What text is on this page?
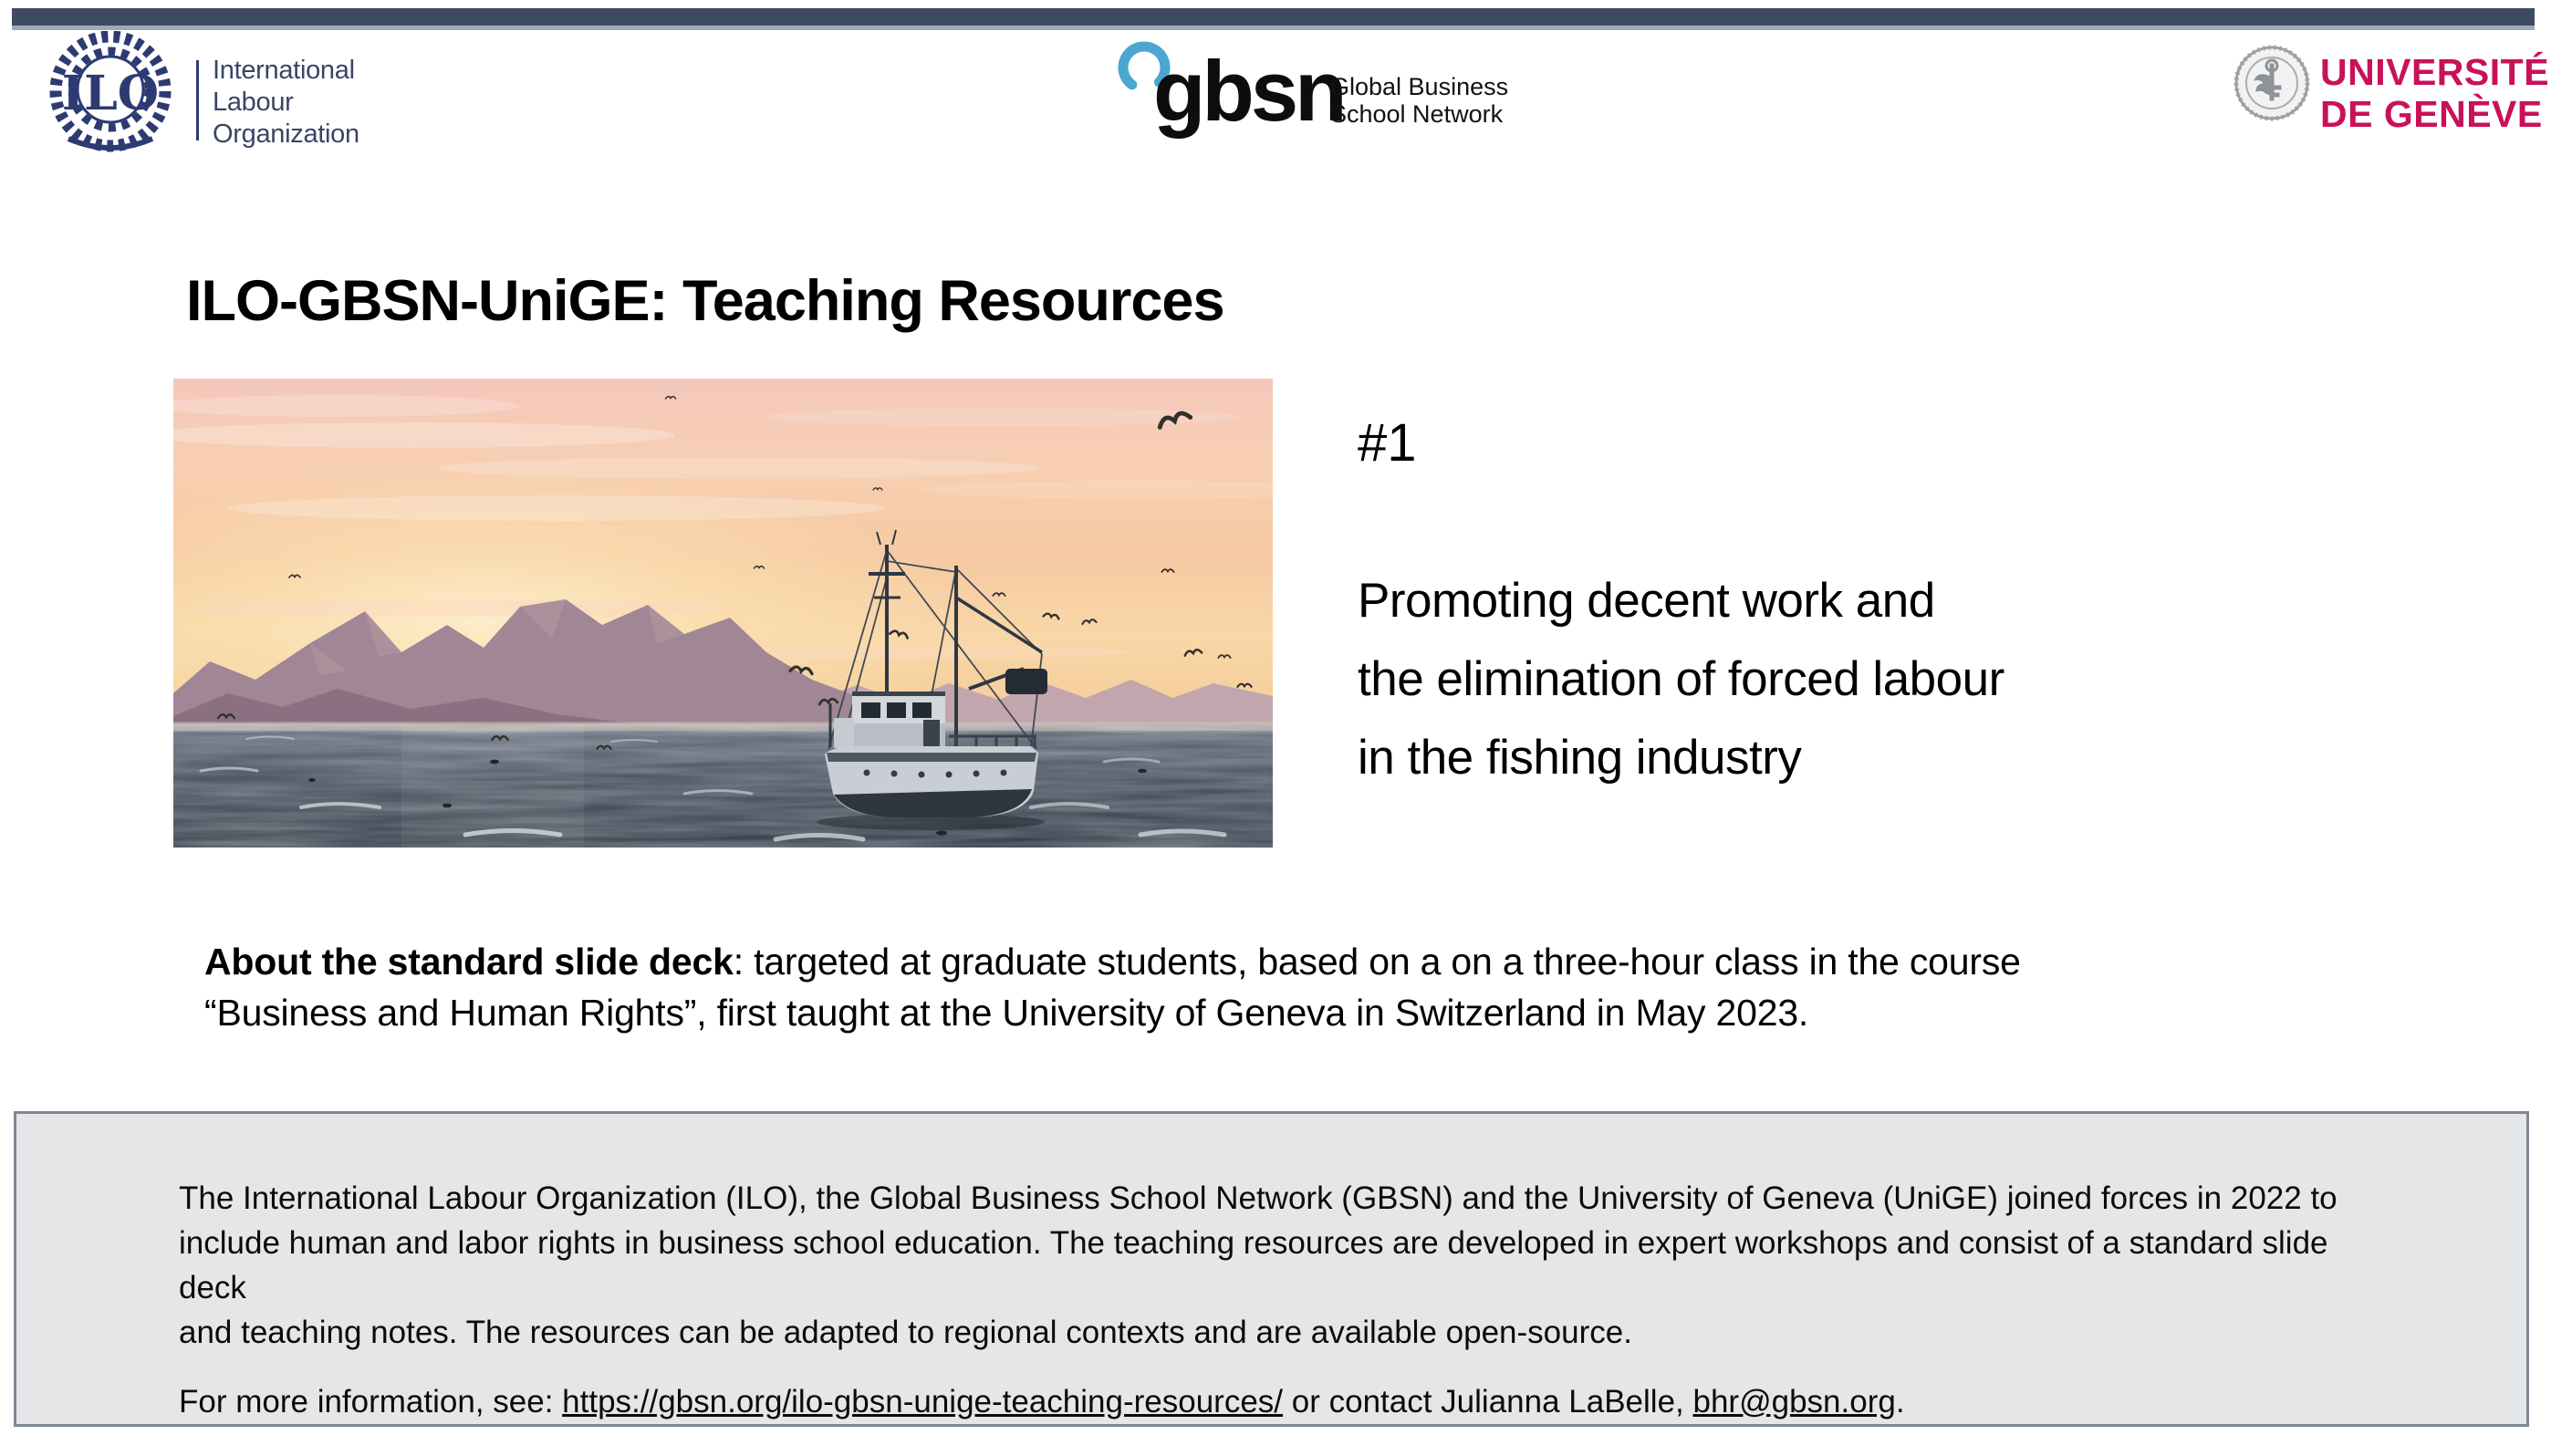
ILO International
Labour
Organization	gbsn
Global Business
School Network
UNIVERSITÉ
DE GENÈVE
ILO-GBSN-UniGE: Teaching Resources
#1
Promoting decent work and
the elimination of forced labour
in the fishing industry
About the standard slide deck: targeted at graduate students, based on a on a three-hour class in the course
“Business and Human Rights”, first taught at the University of Geneva in Switzerland in May 2023.
The International Labour Organization (ILO), the Global Business School Network (GBSN) and the University of Geneva (UniGE) joined forces in 2022 to
include human and labor rights in business school education. The teaching resources are developed in expert workshops and consist of a standard slide deck
and teaching notes. The resources can be adapted to regional contexts and are available open-source.
For more information, see: https://gbsn.org/ilo-gbsn-unige-teaching-resources/ or contact Julianna LaBelle, bhr@gbsn.org.
